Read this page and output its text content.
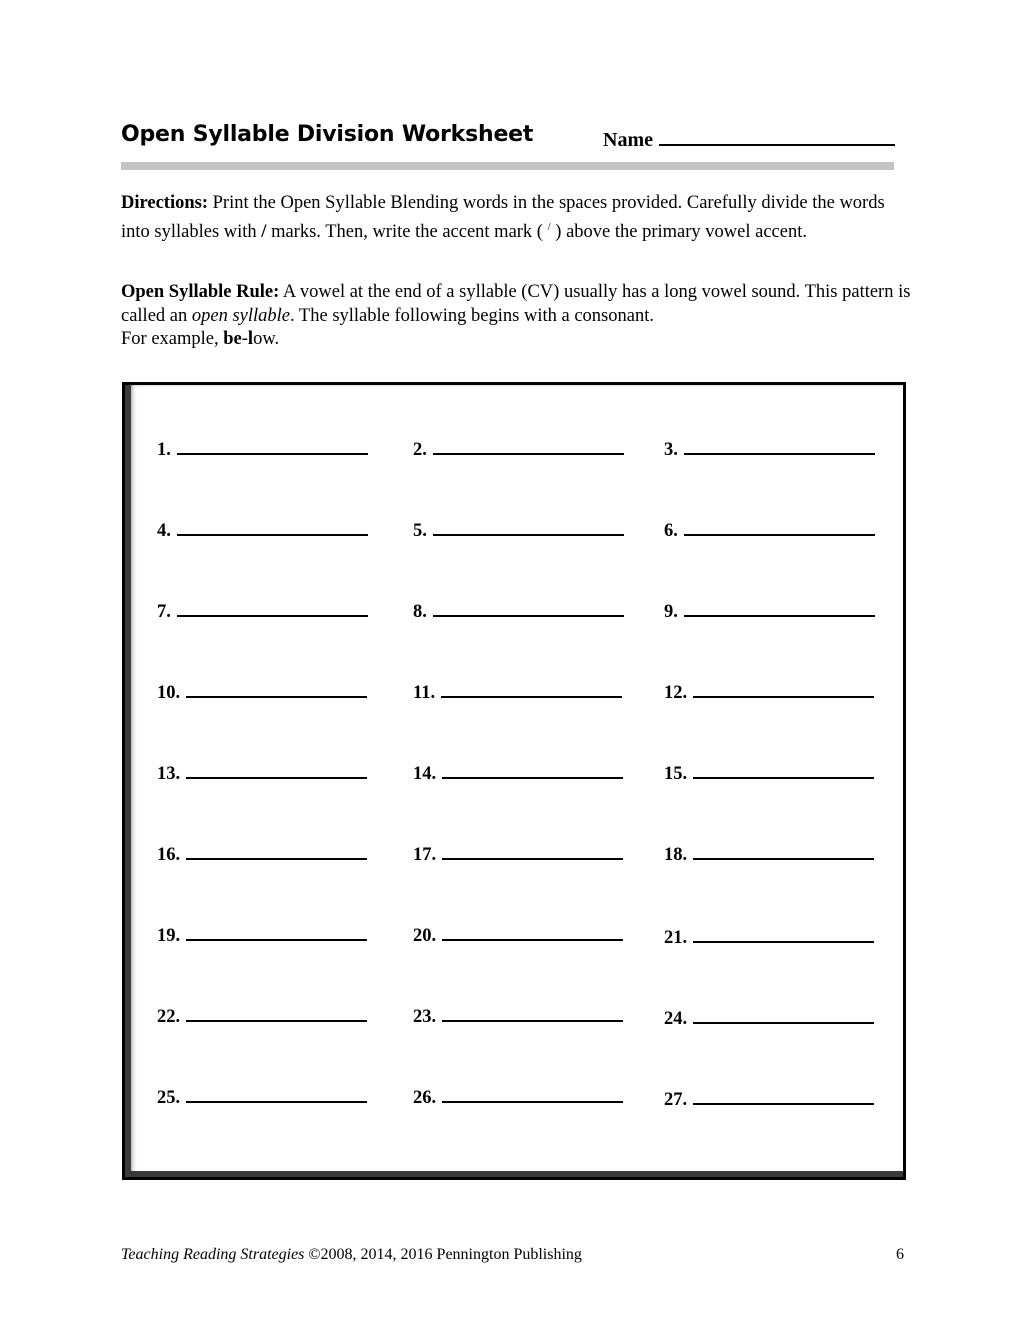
Open Syllable Division Worksheet	Name
Directions: Print the Open Syllable Blending words in the spaces provided. Carefully divide the words into syllables with / marks. Then, write the accent mark ( / ) above the primary vowel accent.
Open Syllable Rule: A vowel at the end of a syllable (CV) usually has a long vowel sound. This pattern is called an open syllable. The syllable following begins with a consonant.
For example, be-low.
1.	2.	3.
4.	5.	6.
7.	8.	9.
10.	11.	12.
13.	14.	15.
16.	17.	18.
19.	20.	21.
22.	23.	24.
25.	26.	27.
Teaching Reading Strategies ©2008, 2014, 2016 Pennington Publishing	6
